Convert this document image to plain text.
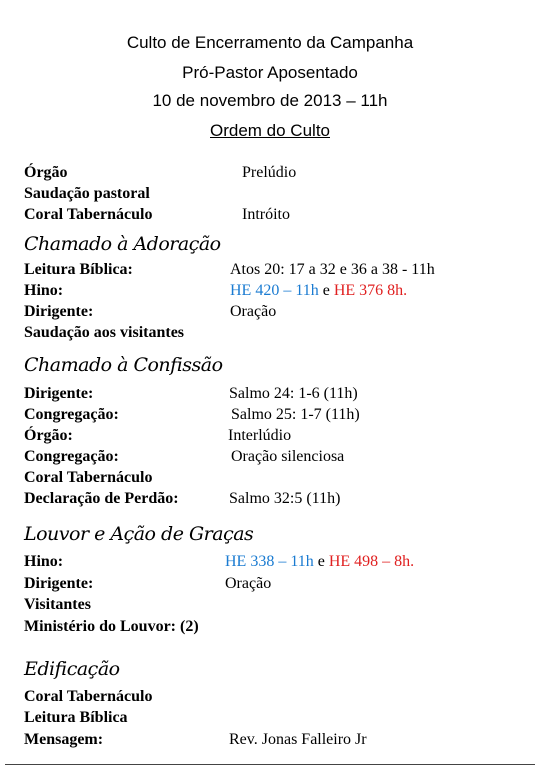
Culto de Encerramento da Campanha
Pró-Pastor Aposentado
10 de novembro de 2013 – 11h
Ordem do Culto
Órgão	Prelúdio
Saudação pastoral
Coral Tabernáculo	Intróito
Chamado à Adoração
Leitura Bíblica:	Atos 20: 17 a 32 e 36 a 38 - 11h
Hino:	HE 420 – 11h e HE 376 8h.
Dirigente:	Oração
Saudação aos visitantes
Chamado à Confissão
Dirigente:	Salmo 24: 1-6 (11h)
Congregação:	Salmo 25: 1-7 (11h)
Órgão:	Interlúdio
Congregação:	Oração silenciosa
Coral Tabernáculo
Declaração de Perdão:	Salmo 32:5 (11h)
Louvor e Ação de Graças
Hino:	HE 338 – 11h e HE 498 – 8h.
Dirigente:	Oração
Visitantes
Ministério do Louvor: (2)
Edificação
Coral Tabernáculo
Leitura Bíblica
Mensagem:	Rev. Jonas Falleiro Jr
